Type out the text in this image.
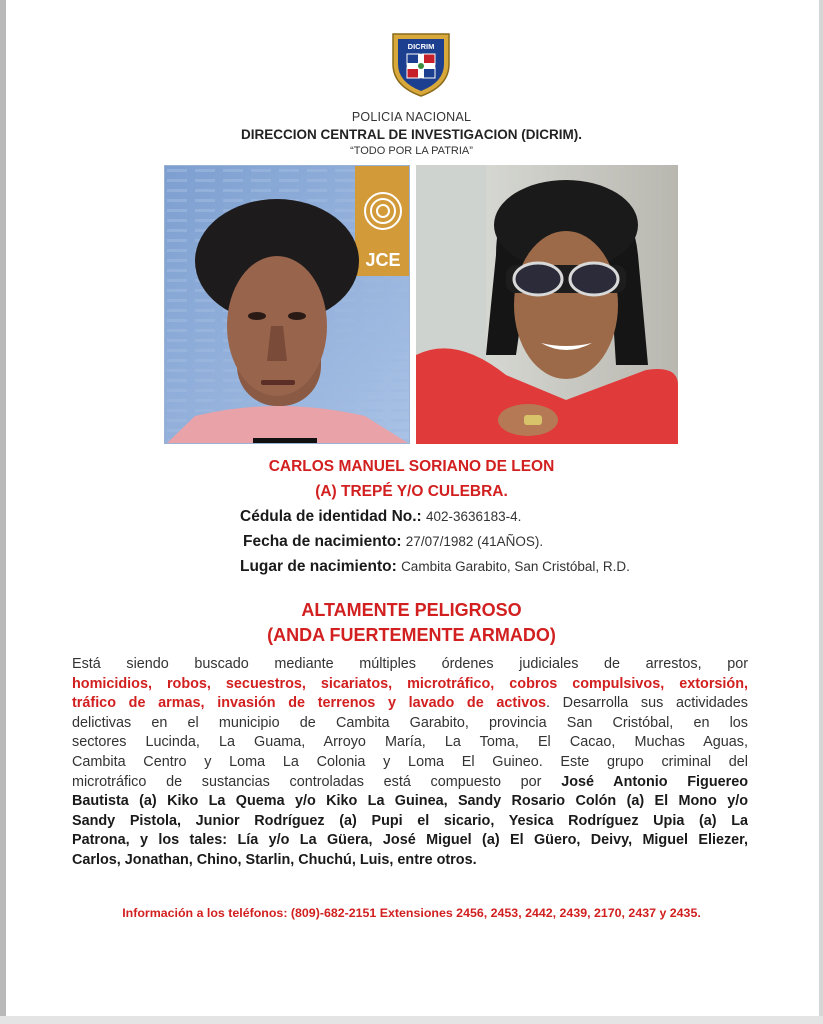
DICRIM
POLICIA NACIONAL
DIRECCION CENTRAL DE INVESTIGACION (DICRIM).
“TODO POR LA PATRIA”
JCE
CARLOS MANUEL SORIANO DE LEON
(A) TREPÉ Y/O CULEBRA.
Cédula de identidad No.: 402-3636183-4.
Fecha de nacimiento: 27/07/1982 (41AÑOS).
Lugar de nacimiento: Cambita Garabito, San Cristóbal, R.D.
ALTAMENTE PELIGROSO
(ANDA FUERTEMENTE ARMADO)

Está siendo buscado mediante múltiples órdenes judiciales de arrestos, por

homicidios, robos, secuestros, sicariatos, microtráfico, cobros compulsivos, extorsión,

tráfico de armas, invasión de terrenos y lavado de activos. Desarrolla sus actividades

delictivas en el municipio de Cambita Garabito, provincia San Cristóbal, en los

sectores Lucinda, La Guama, Arroyo María, La Toma, El Cacao, Muchas Aguas,

Cambita Centro y Loma La Colonia y Loma El Guineo. Este grupo criminal del

microtráfico de sustancias controladas está compuesto por José Antonio Figuereo

Bautista (a) Kiko La Quema y/o Kiko La Guinea, Sandy Rosario Colón (a) El Mono y/o

Sandy Pistola, Junior Rodríguez (a) Pupi el sicario, Yesica Rodríguez Upia (a) La

Patrona, y los tales: Lía y/o La Güera, José Miguel (a) El Güero, Deivy, Miguel Eliezer,

Carlos, Jonathan, Chino, Starlin, Chuchú, Luis, entre otros.

Información a los teléfonos: (809)-682-2151 Extensiones 2456, 2453, 2442, 2439, 2170, 2437 y 2435.
